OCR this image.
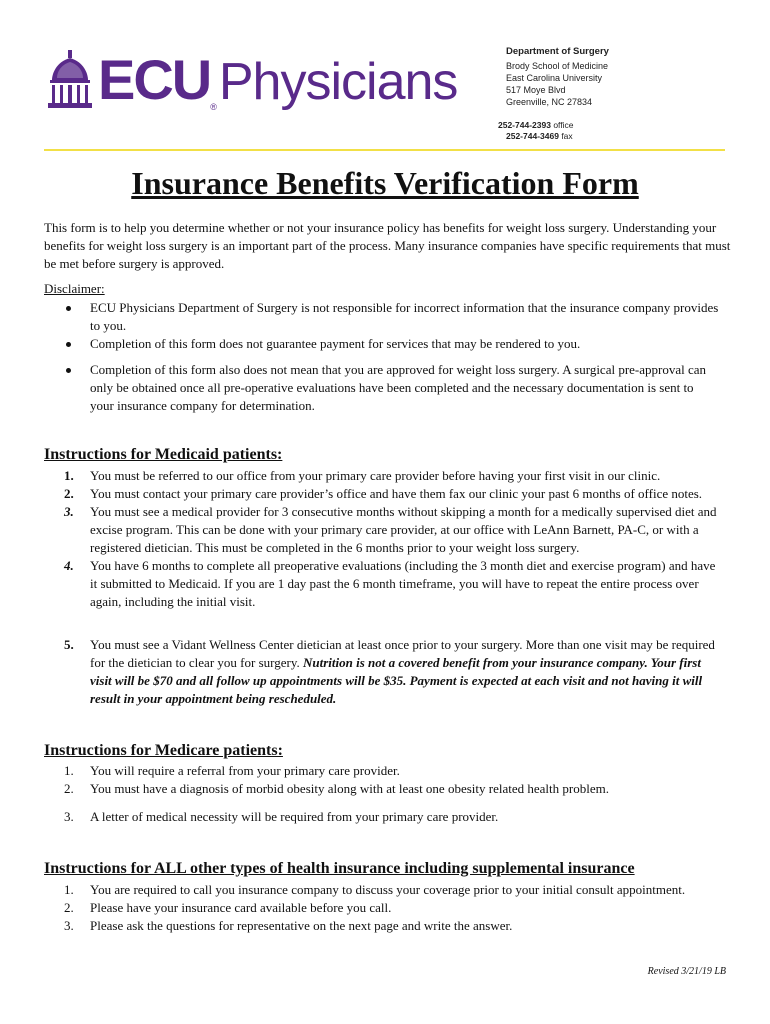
ECU®Physicians
Department of Surgery
Brody School of Medicine
East Carolina University
517 Moye Blvd
Greenville, NC 27834
252-744-2393 office
252-744-3469 fax
Insurance Benefits Verification Form
This form is to help you determine whether or not your insurance policy has benefits for weight loss surgery. Understanding your benefits for weight loss surgery is an important part of the process. Many insurance companies have specific requirements that must be met before surgery is approved.
Disclaimer:
ECU Physicians Department of Surgery is not responsible for incorrect information that the insurance company provides to you.
Completion of this form does not guarantee payment for services that may be rendered to you.
Completion of this form also does not mean that you are approved for weight loss surgery. A surgical pre-approval can only be obtained once all pre-operative evaluations have been completed and the necessary documentation is sent to your insurance company for determination.
Instructions for Medicaid patients:
1. You must be referred to our office from your primary care provider before having your first visit in our clinic.
2. You must contact your primary care provider’s office and have them fax our clinic your past 6 months of office notes.
3. You must see a medical provider for 3 consecutive months without skipping a month for a medically supervised diet and excise program. This can be done with your primary care provider, at our office with LeAnn Barnett, PA-C, or with a registered dietician. This must be completed in the 6 months prior to your weight loss surgery.
4. You have 6 months to complete all preoperative evaluations (including the 3 month diet and exercise program) and have it submitted to Medicaid. If you are 1 day past the 6 month timeframe, you will have to repeat the entire process over again, including the initial visit.
5. You must see a Vidant Wellness Center dietician at least once prior to your surgery. More than one visit may be required for the dietician to clear you for surgery. Nutrition is not a covered benefit from your insurance company. Your first visit will be $70 and all follow up appointments will be $35. Payment is expected at each visit and not having it will result in your appointment being rescheduled.
Instructions for Medicare patients:
1. You will require a referral from your primary care provider.
2. You must have a diagnosis of morbid obesity along with at least one obesity related health problem.
3. A letter of medical necessity will be required from your primary care provider.
Instructions for ALL other types of health insurance including supplemental insurance
1. You are required to call you insurance company to discuss your coverage prior to your initial consult appointment.
2. Please have your insurance card available before you call.
3. Please ask the questions for representative on the next page and write the answer.
Revised 3/21/19 LB
